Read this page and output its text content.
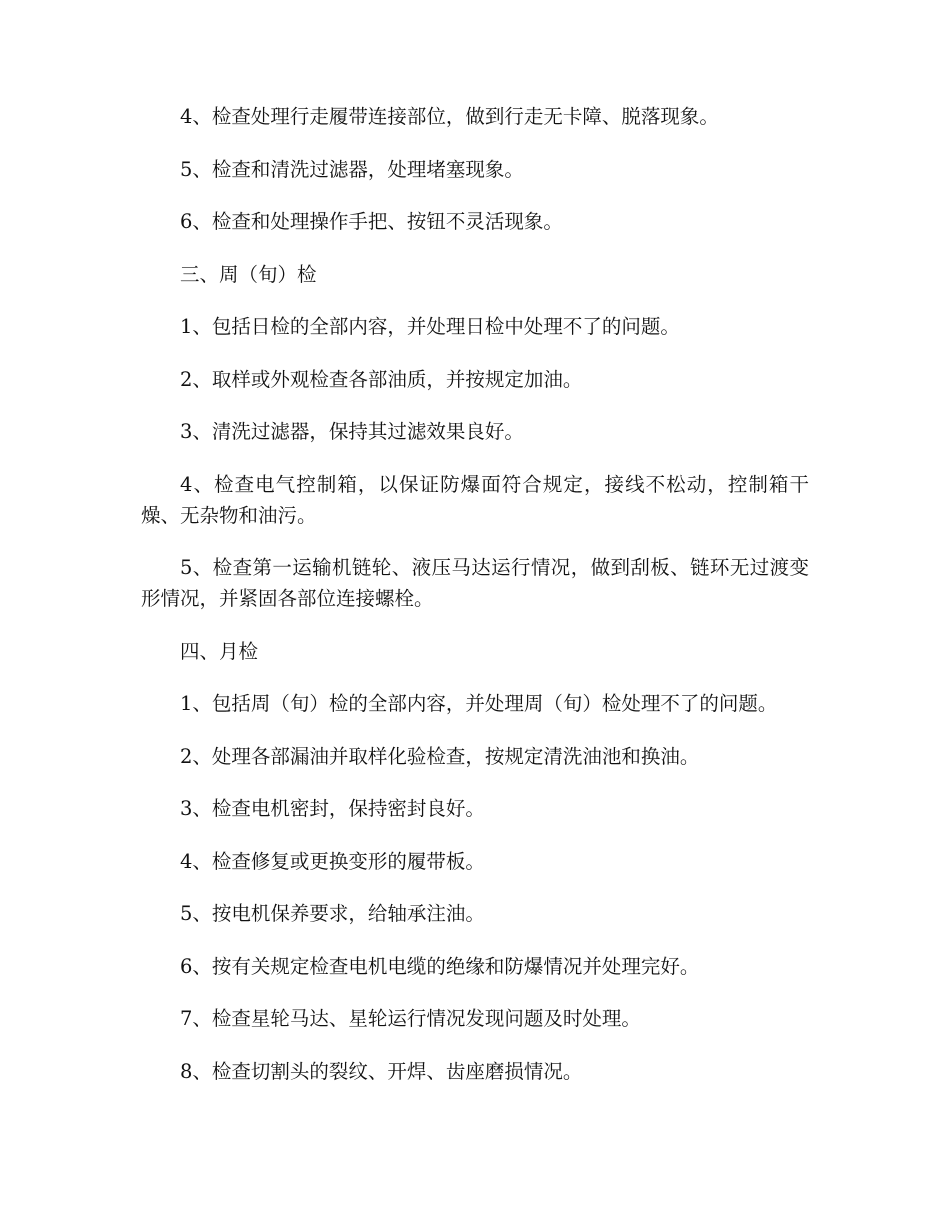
4、检查处理行走履带连接部位，做到行走无卡障、脱落现象。

5、检查和清洗过滤器，处理堵塞现象。

6、检查和处理操作手把、按钮不灵活现象。

三、周（旬）检

1、包括日检的全部内容，并处理日检中处理不了的问题。

2、取样或外观检查各部油质，并按规定加油。

3、清洗过滤器，保持其过滤效果良好。

4、检查电气控制箱，以保证防爆面符合规定，接线不松动，控制箱干燥、无杂物和油污。

5、检查第一运输机链轮、液压马达运行情况，做到刮板、链环无过渡变形情况，并紧固各部位连接螺栓。

四、月检

1、包括周（旬）检的全部内容，并处理周（旬）检处理不了的问题。

2、处理各部漏油并取样化验检查，按规定清洗油池和换油。

3、检查电机密封，保持密封良好。

4、检查修复或更换变形的履带板。

5、按电机保养要求，给轴承注油。

6、按有关规定检查电机电缆的绝缘和防爆情况并处理完好。

7、检查星轮马达、星轮运行情况发现问题及时处理。

8、检查切割头的裂纹、开焊、齿座磨损情况。
